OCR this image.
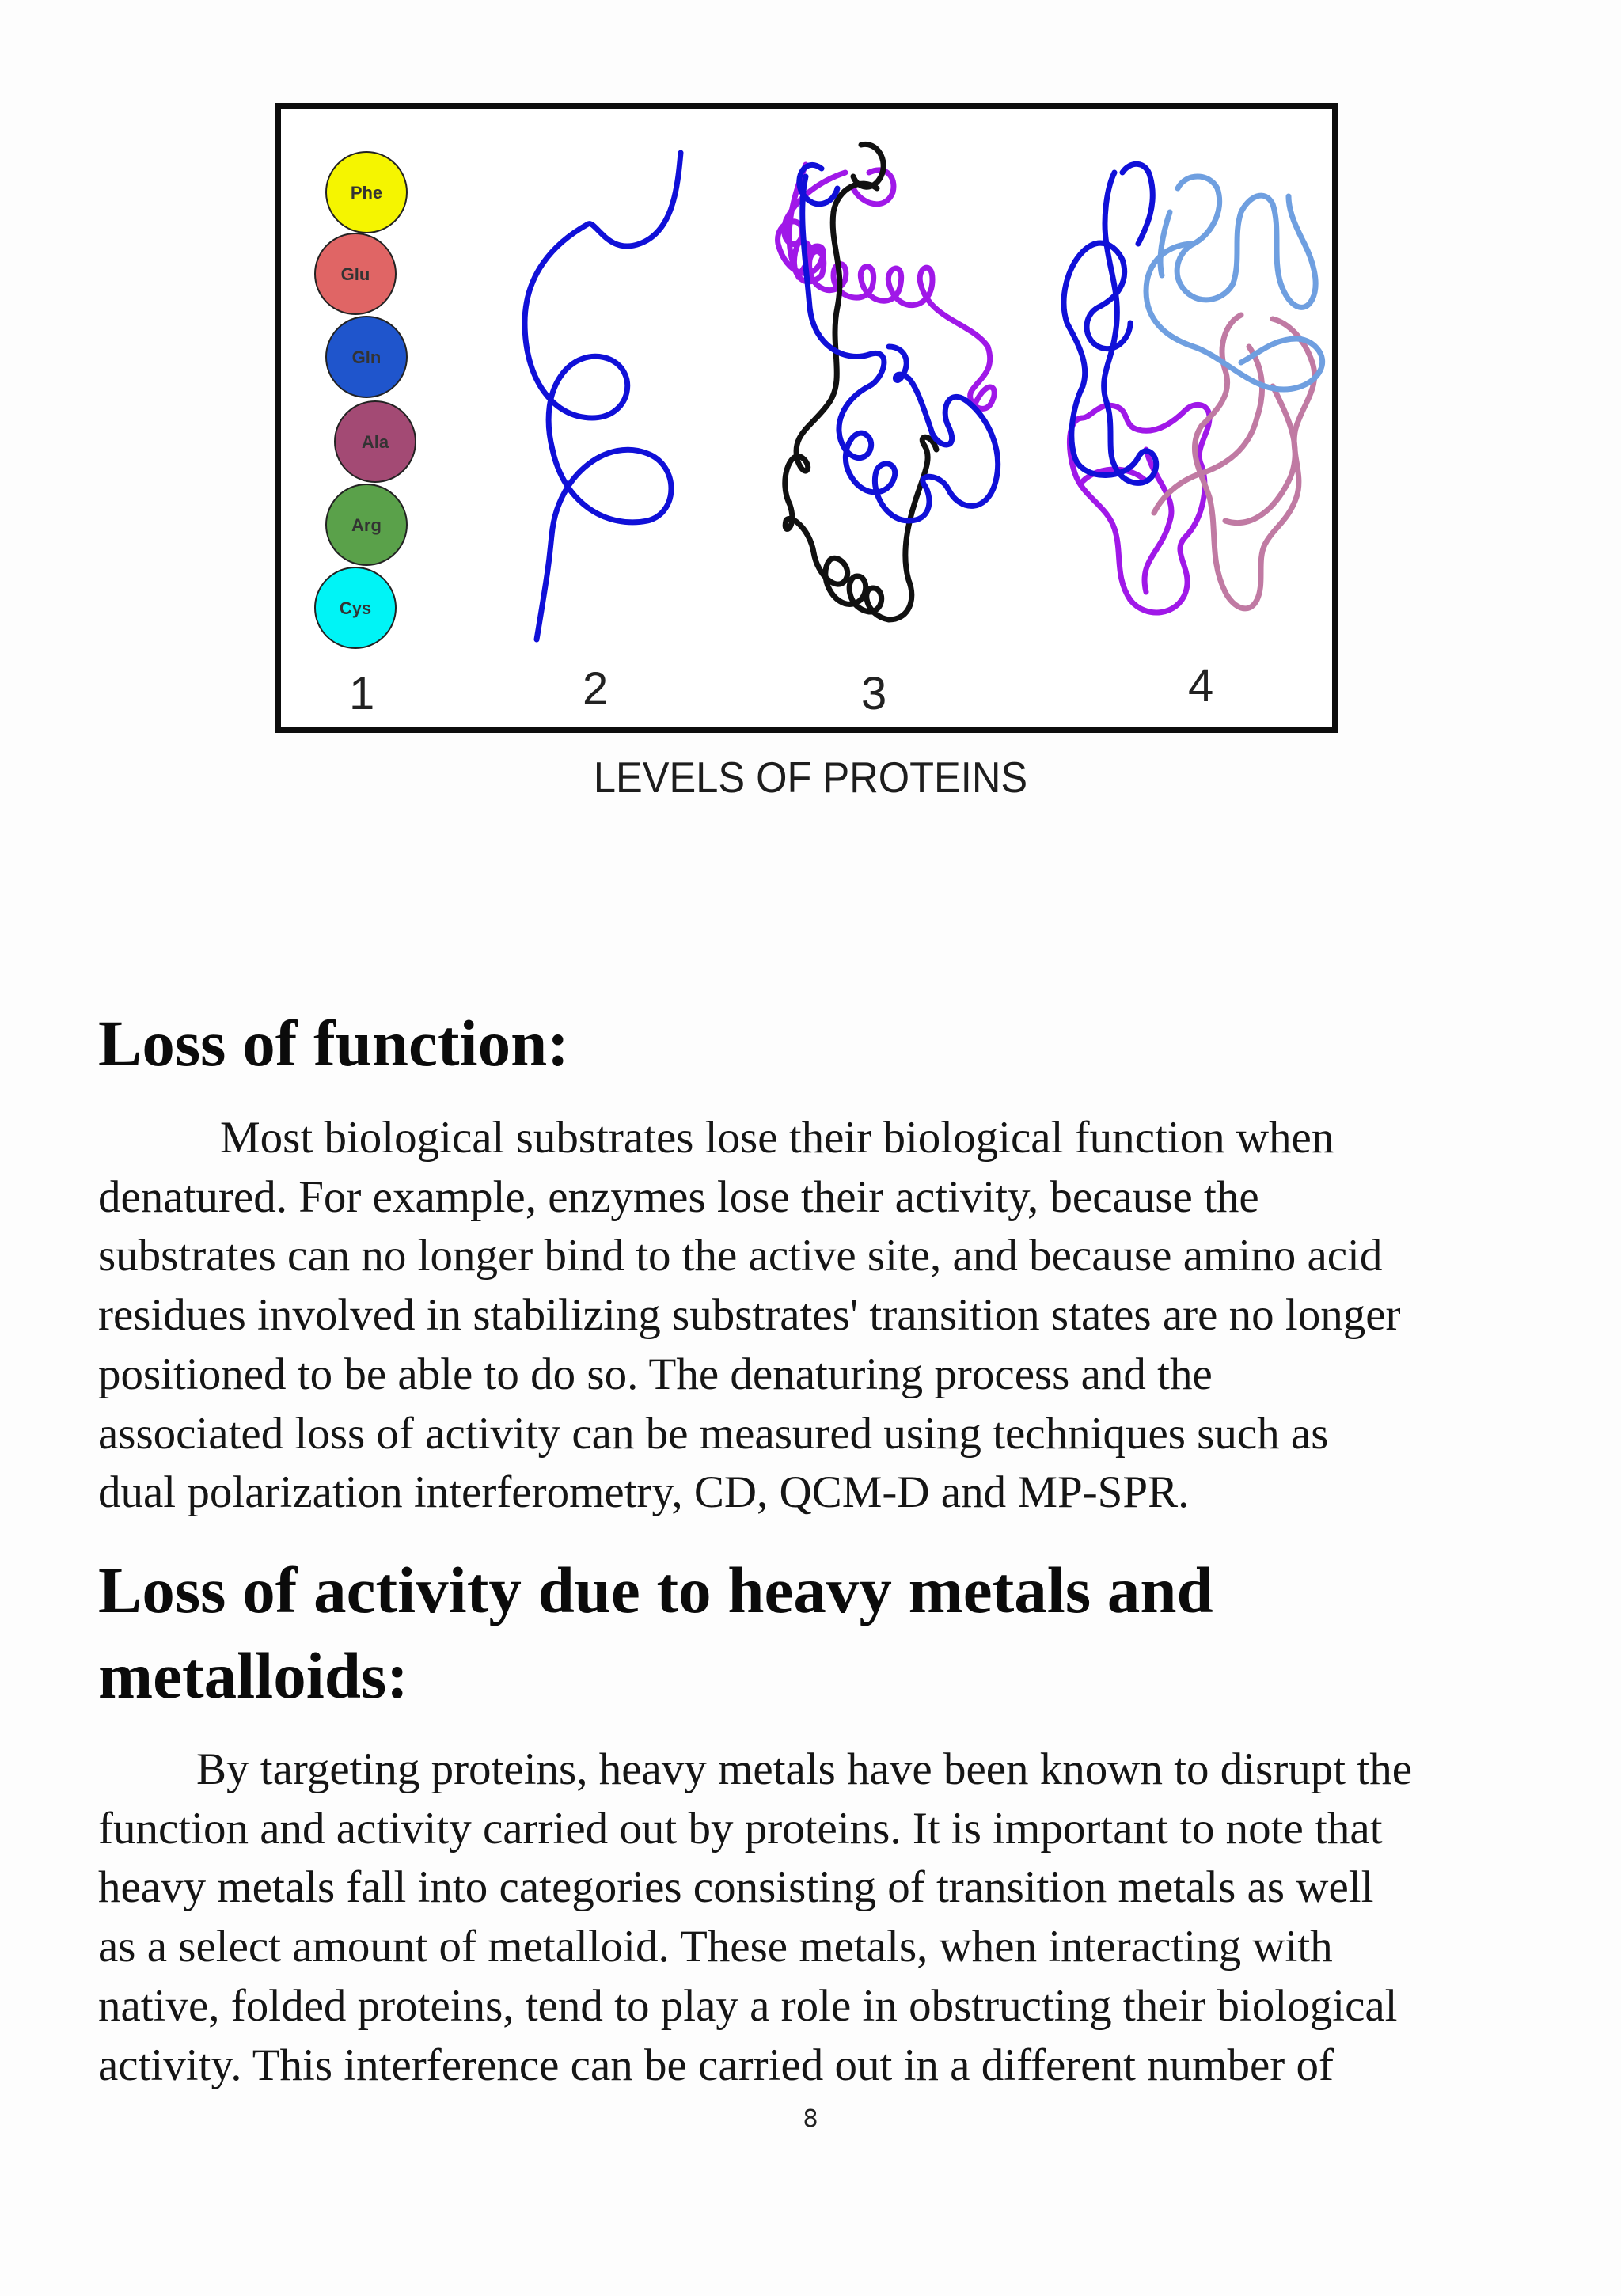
Phe
Glu
Gln
Ala
Arg
Cys
1	2	3	4
LEVELS OF PROTEINS
Loss of function:

Most biological substrates lose their biological function when

denatured. For example, enzymes lose their activity, because the

substrates can no longer bind to the active site, and because amino acid

residues involved in stabilizing substrates' transition states are no longer

positioned to be able to do so. The denaturing process and the

associated loss of activity can be measured using techniques such as

dual polarization interferometry, CD, QCM-D and MP-SPR.

Loss of activity due to heavy metals and
metalloids:

By targeting proteins, heavy metals have been known to disrupt the

function and activity carried out by proteins. It is important to note that

heavy metals fall into categories consisting of transition metals as well

as a select amount of metalloid. These metals, when interacting with

native, folded proteins, tend to play a role in obstructing their biological

activity. This interference can be carried out in a different number of

8
